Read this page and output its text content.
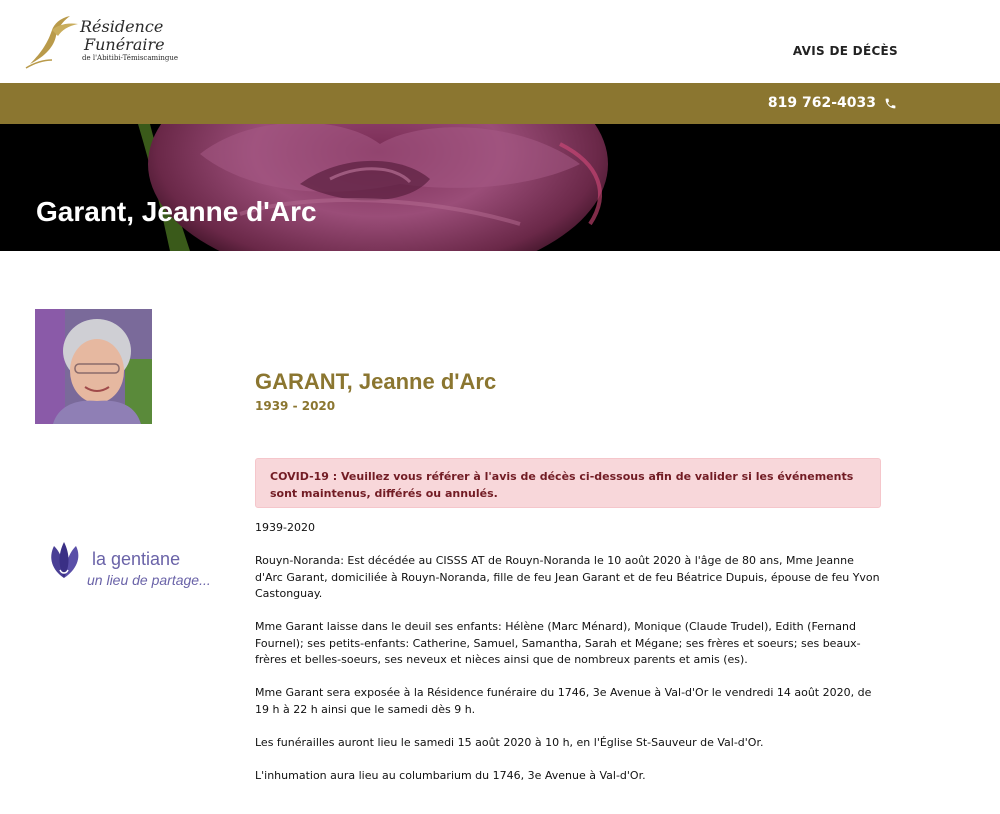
Résidence
Funéraire
de l'Abitibi-Témiscamingue	AVIS DE DÉCÈS
819 762-4033
Garant, Jeanne d'Arc
la gentiane
un lieu de partage...
GARANT, Jeanne d'Arc
1939 - 2020
COVID-19 : Veuillez vous référer à l'avis de décès ci-dessous afin de valider si les événements sont maintenus, différés ou annulés.

1939-2020

Rouyn-Noranda: Est décédée au CISSS AT de Rouyn-Noranda le 10 août 2020 à l'âge de 80 ans, Mme Jeanne d'Arc Garant, domiciliée à Rouyn-Noranda, fille de feu Jean Garant et de feu Béatrice Dupuis, épouse de feu Yvon Castonguay.

Mme Garant laisse dans le deuil ses enfants: Hélène (Marc Ménard), Monique (Claude Trudel), Edith (Fernand Fournel); ses petits-enfants: Catherine, Samuel, Samantha, Sarah et Mégane; ses frères et soeurs; ses beaux-frères et belles-soeurs, ses neveux et nièces ainsi que de nombreux parents et amis (es).

Mme Garant sera exposée à la Résidence funéraire du 1746, 3e Avenue à Val-d'Or le vendredi 14 août 2020, de 19 h à 22 h ainsi que le samedi dès 9 h.

Les funérailles auront lieu le samedi 15 août 2020 à 10 h, en l'Église St-Sauveur de Val-d'Or.

L'inhumation aura lieu au columbarium du 1746, 3e Avenue à Val-d'Or.
